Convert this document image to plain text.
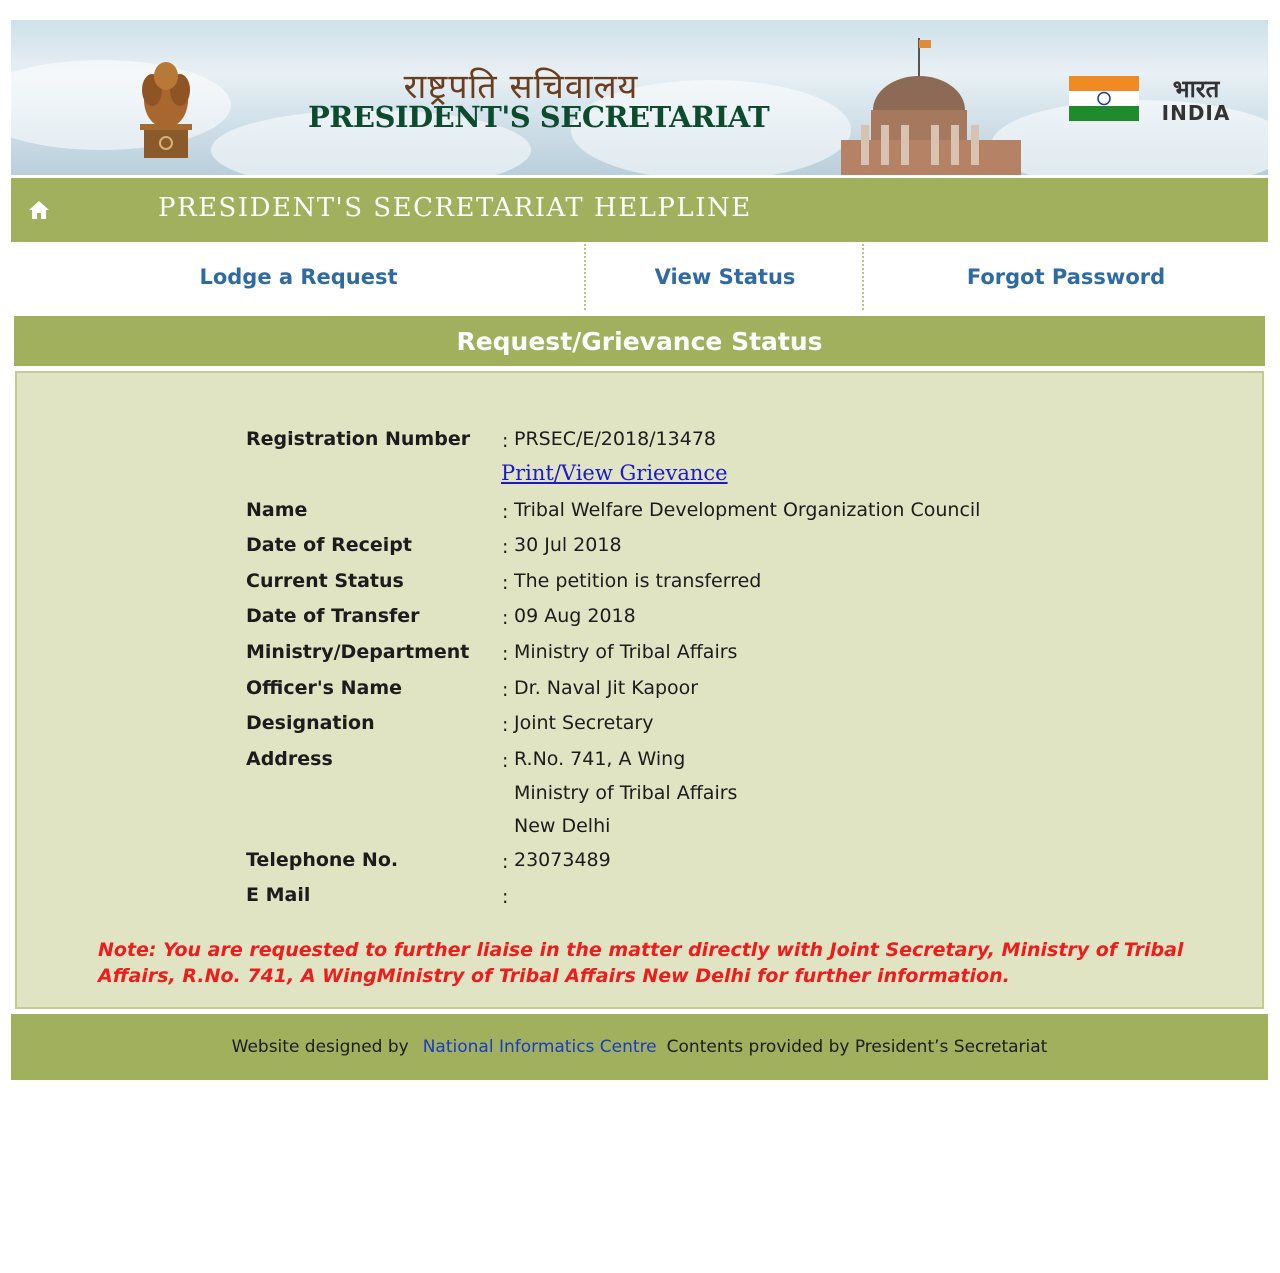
राष्ट्रपति सचिवालय
PRESIDENT'S SECRETARIAT
भारत
INDIA
PRESIDENT'S SECRETARIAT HELPLINE
Lodge a Request	View Status	Forgot Password
Request/Grievance Status
Registration Number : PRSEC/E/2018/13478
Print/View Grievance
Name	: Tribal Welfare Development Organization Council
Date of Receipt	: 30 Jul 2018
Current Status	: The petition is transferred
Date of Transfer	: 09 Aug 2018
Ministry/Department : Ministry of Tribal Affairs
Officer's Name	: Dr. Naval Jit Kapoor
Designation	: Joint Secretary
Address	: R.No. 741, A Wing
Ministry of Tribal Affairs
New Delhi
Telephone No.	: 23073489
E Mail	:
Note: You are requested to further liaise in the matter directly with Joint Secretary, Ministry of Tribal Affairs, R.No. 741, A WingMinistry of Tribal Affairs New Delhi for further information.
Website designed by National Informatics Centre Contents provided by President’s Secretariat
